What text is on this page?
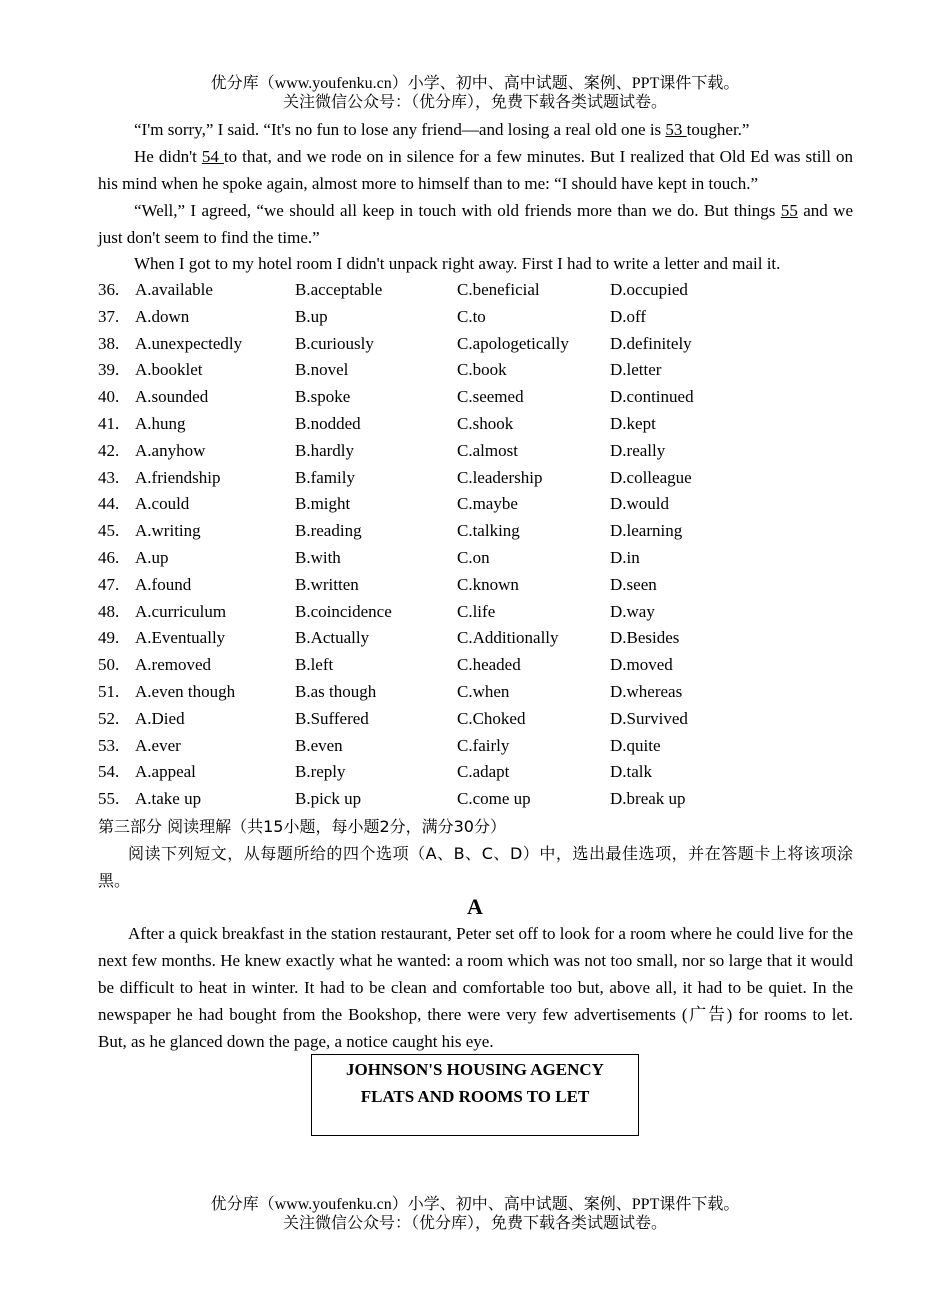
优分库（www.youfenku.cn）小学、初中、高中试题、案例、PPT课件下载。
关注微信公众号：（优分库），免费下载各类试题试卷。
“I'm sorry,” I said. “It's no fun to lose any friend—and losing a real old one is 53 tougher.”
He didn't 54 to that, and we rode on in silence for a few minutes. But I realized that Old Ed was still on his mind when he spoke again, almost more to himself than to me: “I should have kept in touch.”
“Well,” I agreed, “we should all keep in touch with old friends more than we do. But things 55 and we just don't seem to find the time.”
When I got to my hotel room I didn't unpack right away. First I had to write a letter and mail it.
36. A.available	B.acceptable	C.beneficial	D.occupied
37. A.down	B.up	C.to	D.off
38. A.unexpectedly	B.curiously	C.apologetically D.definitely
39. A.booklet	B.novel	C.book	D.letter
40. A.sounded	B.spoke	C.seemed	D.continued
41. A.hung	B.nodded	C.shook	D.kept
42. A.anyhow	B.hardly	C.almost	D.really
43. A.friendship	B.family	C.leadership	D.colleague
44. A.could	B.might	C.maybe	D.would
45. A.writing	B.reading	C.talking	D.learning
46. A.up	B.with	C.on	D.in
47. A.found	B.written	C.known	D.seen
48. A.curriculum	B.coincidence	C.life	D.way
49. A.Eventually	B.Actually	C.Additionally	D.Besides
50. A.removed	B.left	C.headed	D.moved
51. A.even though	B.as though	C.when	D.whereas
52. A.Died	B.Suffered	C.Choked	D.Survived
53. A.ever	B.even	C.fairly	D.quite
54. A.appeal	B.reply	C.adapt	D.talk
55. A.take up	B.pick up	C.come up	D.break up
第三部分 阅读理解（共15小题，每小题2分，满分30分）
阅读下列短文，从每题所给的四个选项（A、B、C、D）中，选出最佳选项，并在答题卡上将该项涂黑。
A
After a quick breakfast in the station restaurant, Peter set off to look for a room where he could live for the next few months. He knew exactly what he wanted: a room which was not too small, nor so large that it would be difficult to heat in winter. It had to be clean and comfortable too but, above all, it had to be quiet. In the newspaper he had bought from the Bookshop, there were very few advertisements (广告) for rooms to let. But, as he glanced down the page, a notice caught his eye.
JOHNSON'S HOUSING AGENCY
FLATS AND ROOMS TO LET
优分库（www.youfenku.cn）小学、初中、高中试题、案例、PPT课件下载。
关注微信公众号：（优分库），免费下载各类试题试卷。
